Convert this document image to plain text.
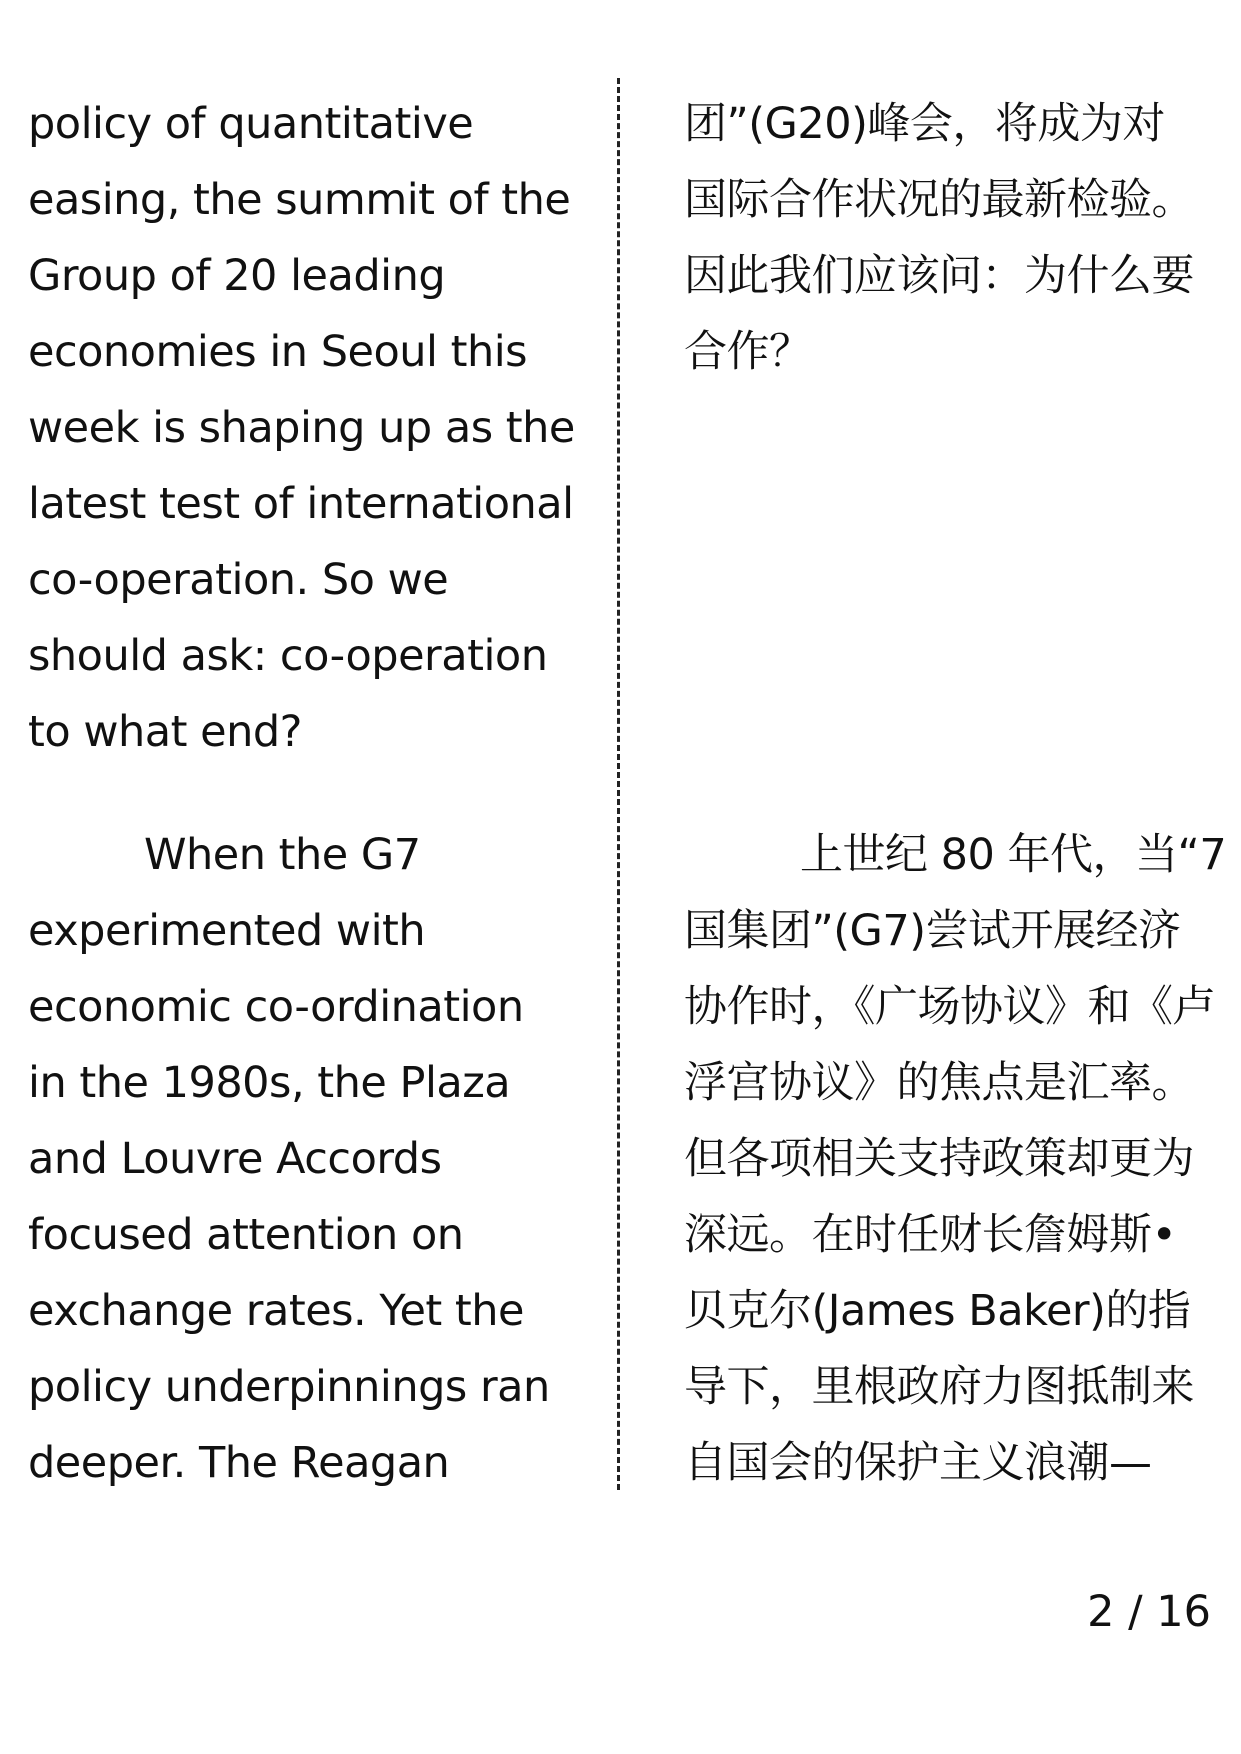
policy of quantitative
easing, the summit of the
Group of 20 leading
economies in Seoul this
week is shaping up as the
latest test of international
co-operation. So we
should ask: co-operation
to what end?

When the G7
experimented with
economic co-ordination
in the 1980s, the Plaza
and Louvre Accords
focused attention on
exchange rates. Yet the
policy underpinnings ran
deeper. The Reagan

团”(G20)峰会，将成为对
国际合作状况的最新检验。
因此我们应该问：为什么要
合作？

上世纪 80 年代，当“7
国集团”(G7)尝试开展经济
协作时，《广场协议》和《卢
浮宫协议》的焦点是汇率。
但各项相关支持政策却更为
深远。在时任财长詹姆斯•
贝克尔(James Baker)的指
导下，里根政府力图抵制来
自国会的保护主义浪潮—

2 / 16
